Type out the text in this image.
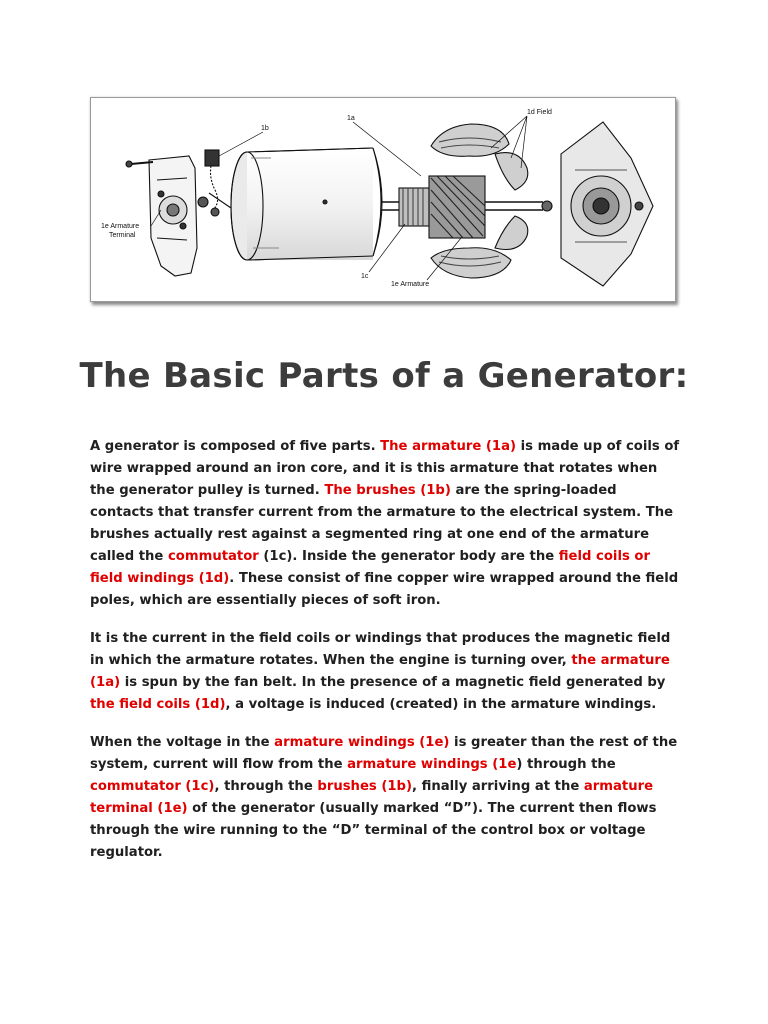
1b
1a
1d Field
1e Armature
Terminal
1c
1e Armature
The Basic Parts of a Generator:

A generator is composed of five parts. The armature (1a) is made up of coils of wire wrapped around an iron core, and it is this armature that rotates when the generator pulley is turned. The brushes (1b) are the spring-loaded contacts that transfer current from the armature to the electrical system. The brushes actually rest against a segmented ring at one end of the armature called the commutator (1c). Inside the generator body are the field coils or field windings (1d). These consist of fine copper wire wrapped around the field poles, which are essentially pieces of soft iron.

It is the current in the field coils or windings that produces the magnetic field in which the armature rotates. When the engine is turning over, the armature (1a) is spun by the fan belt. In the presence of a magnetic field generated by the field coils (1d), a voltage is induced (created) in the armature windings.

When the voltage in the armature windings (1e) is greater than the rest of the system, current will flow from the armature windings (1e) through the commutator (1c), through the brushes (1b), finally arriving at the armature terminal (1e) of the generator (usually marked “D”). The current then flows through the wire running to the “D” terminal of the control box or voltage regulator.
